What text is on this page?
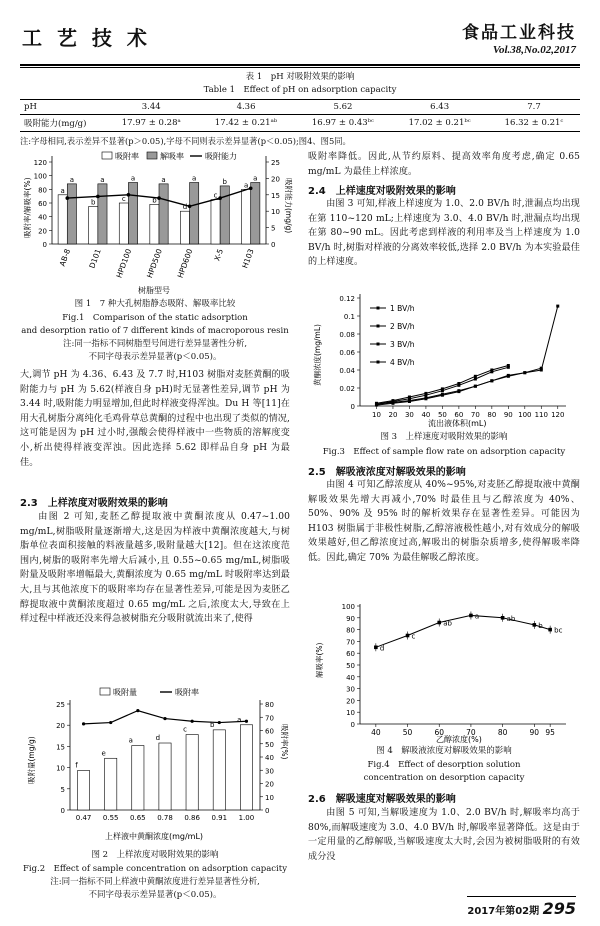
工 艺 技 术	食品工业科技
Vol.38,No.02,2017
表 1　pH 对吸附效果的影响
Table 1　Effect of pH on adsorption capacity
pH	3.44	4.36	5.62	6.43	7.7
吸附能力(mg/g)	17.97 ± 0.28ᵃ	17.42 ± 0.21ᵃᵇ	16.97 ± 0.43ᵇᶜ	17.02 ± 0.21ᵇᶜ	16.32 ± 0.21ᶜ
注:字母相同,表示差异不显著(p＞0.05),字母不同则表示差异显著(p＜0.05);图4、图5同。
0
20
40
60
80
100
120
0
5
10
15
20
25
a
a
AB-8
b
a
D101
c
a
HPD100
b
a
HPD500
d
a
HPD600
c
b
X-5
a
a
H103
吸附率	解吸率	吸附能力
树脂型号
吸附率/解吸率(%)	吸附能力(mg/g)
图 1　7 种大孔树脂静态吸附、解吸率比较
Fig.1　Comparison of the static adsorption
and desorption ratio of 7 different kinds of macroporous resin
注:同一指标不同树脂型号间进行差异显著性分析,
不同字母表示差异显著(p＜0.05)。
大,调节 pH 为 4.36、6.43 及 7.7 时,H103 树脂对麦胚黄酮的吸附能力与 pH 为 5.62(样液自身 pH)时无显著性差异,调节 pH 为 3.44 时,吸附能力明显增加,但此时样液变得浑浊。Du H 等[11]在用大孔树脂分离纯化毛鸡骨草总黄酮的过程中也出现了类似的情况,这可能是因为 pH 过小时,强酸会使得样液中一些物质的溶解度变小,析出使得样液变浑浊。因此选择 5.62 即样品自身 pH 为最佳。
2.3　上样浓度对吸附效果的影响
由图 2 可知,麦胚乙醇提取液中黄酮浓度从 0.47~1.00 mg/mL,树脂吸附量逐渐增大,这是因为样液中黄酮浓度越大,与树脂单位表面积接触的料液量越多,吸附量越大[12]。但在这浓度范围内,树脂的吸附率先增大后减小,且 0.55~0.65 mg/mL,树脂吸附量及吸附率增幅最大,黄酮浓度为 0.65 mg/mL 时吸附率达到最大,且与其他浓度下的吸附率均存在显著性差异,可能是因为麦胚乙醇提取液中黄酮浓度超过 0.65 mg/mL 之后,浓度太大,导致在上样过程中样液还没来得急被树脂充分吸附就流出来了,使得
0
5
10
15
20
25
0
10
20
30
40
50
60
70
80
f
0.47
e
0.55
a
0.65
d
0.78
c
0.86
b
0.91
a
1.00
吸附量	吸附率
上样液中黄酮浓度(mg/mL)
吸附量(mg/g)	吸附率(%)
图 2　上样浓度对吸附效果的影响
Fig.2　Effect of sample concentration on adsorption capacity
注:同一指标不同上样液中黄酮浓度进行差异显著性分析,
不同字母表示差异显著(p＜0.05)。
吸附率降低。因此,从节约原料、提高效率角度考虑,确定 0.65 mg/mL 为最佳上样浓度。
2.4　上样速度对吸附效果的影响
由图 3 可知,样液上样速度为 1.0、2.0 BV/h 时,泄漏点均出现在第 110~120 mL;上样速度为 3.0、4.0 BV/h 时,泄漏点均出现在第 80~90 mL。因此考虑到样液的利用率及当上样速度为 1.0 BV/h 时,树脂对样液的分离效率较低,选择 2.0 BV/h 为本实验最佳的上样速度。
0
0.02
0.04
0.06
0.08
0.1
0.12
10 20 30 40 50 60 70 80 90 100 110 120
1 BV/h
2 BV/h
3 BV/h
4 BV/h
流出液体积(mL)
黄酮浓度(mg/mL)
图 3　上样速度对吸附效果的影响
Fig.3　Effect of sample flow rate on adsorption capacity
2.5　解吸液浓度对解吸效果的影响
由图 4 可知乙醇浓度从 40%~95%,对麦胚乙醇提取液中黄酮解吸效果先增大再减小,70% 时最佳且与乙醇浓度为 40%、50%、90% 及 95% 时的解析效果存在显著性差异。可能因为 H103 树脂属于非极性树脂,乙醇溶液极性越小,对有效成分的解吸效果越好,但乙醇浓度过高,解吸出的树脂杂质增多,使得解吸率降低。因此,确定 70% 为最佳解吸乙醇浓度。
0
10
20
30
40
50
60
70
80
90
100
40	50	60	70	80	90 95
d
c
ab
a	ab
b
bc
乙醇浓度(%)
解吸率(%)
图 4　解吸液浓度对解吸效果的影响
Fig.4　Effect of desorption solution
concentration on desorption capacity
2.6　解吸速度对解吸效果的影响
由图 5 可知,当解吸速度为 1.0、2.0 BV/h 时,解吸率均高于 80%,而解吸速度为 3.0、4.0 BV/h 时,解吸率显著降低。这是由于一定用量的乙醇解吸,当解吸速度太大时,会因为被树脂吸附的有效成分没
2017年第02期 295
